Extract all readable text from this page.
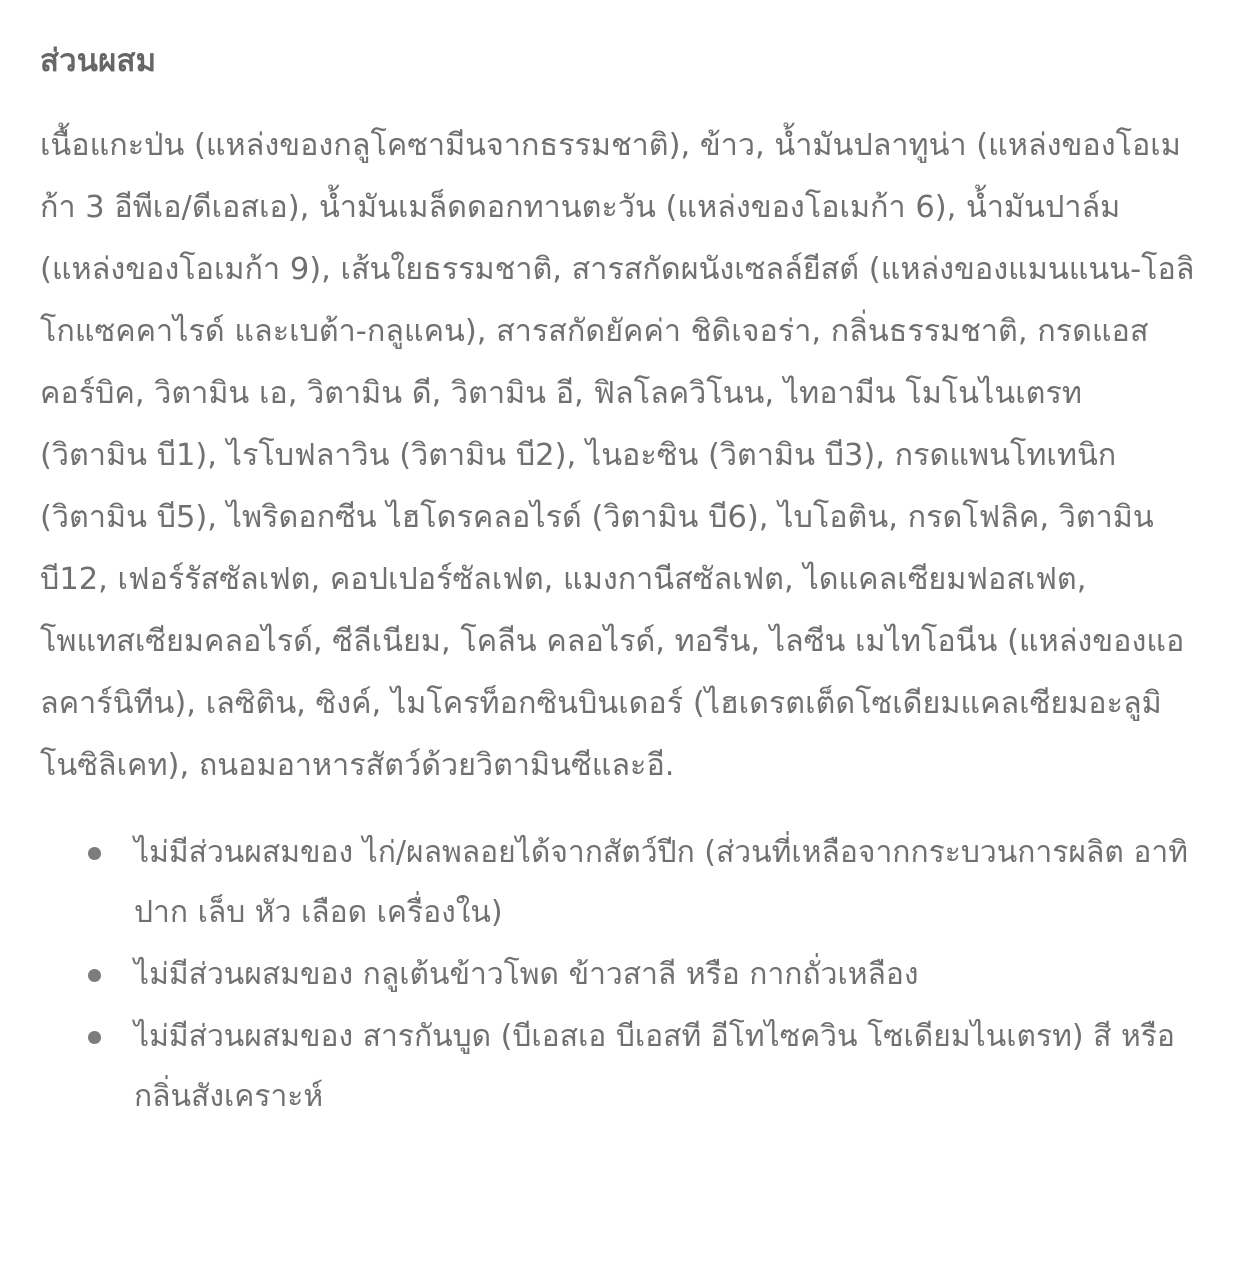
ส่วนผสม

เนื้อแกะป่น (แหล่งของกลูโคซามีนจากธรรมชาติ), ข้าว, น้ำมันปลาทูน่า (แหล่งของโอเมก้า 3 อีพีเอ/ดีเอสเอ), น้ำมันเมล็ดดอกทานตะวัน (แหล่งของโอเมก้า 6), น้ำมันปาล์ม (แหล่งของโอเมก้า 9), เส้นใยธรรมชาติ, สารสกัดผนังเซลล์ยีสต์ (แหล่งของแมนแนน-โอลิโกแซคคาไรด์ และเบต้า-กลูแคน), สารสกัดยัคค่า ชิดิเจอร่า, กลิ่นธรรมชาติ, กรดแอสคอร์บิค, วิตามิน เอ, วิตามิน ดี, วิตามิน อี, ฟิลโลควิโนน, ไทอามีน โมโนไนเตรท (วิตามิน บี1), ไรโบฟลาวิน (วิตามิน บี2), ไนอะซิน (วิตามิน บี3), กรดแพนโทเทนิก (วิตามิน บี5), ไพริดอกซีน ไฮโดรคลอไรด์ (วิตามิน บี6), ไบโอติน, กรดโฟลิค, วิตามิน บี12, เฟอร์รัสซัลเฟต, คอปเปอร์ซัลเฟต, แมงกานีสซัลเฟต, ไดแคลเซียมฟอสเฟต, โพแทสเซียมคลอไรด์, ซีลีเนียม, โคลีน คลอไรด์, ทอรีน, ไลซีน เมไทโอนีน (แหล่งของแอลคาร์นิทีน), เลซิติน, ซิงค์, ไมโครท็อกซินบินเดอร์ (ไฮเดรตเต็ดโซเดียมแคลเซียมอะลูมิโนซิลิเคท), ถนอมอาหารสัตว์ด้วยวิตามินซีและอี.

ไม่มีส่วนผสมของ ไก่/ผลพลอยได้จากสัตว์ปีก (ส่วนที่เหลือจากกระบวนการผลิต อาทิ ปาก เล็บ หัว เลือด เครื่องใน)
ไม่มีส่วนผสมของ กลูเต้นข้าวโพด ข้าวสาลี หรือ กากถั่วเหลือง
ไม่มีส่วนผสมของ สารกันบูด (บีเอสเอ บีเอสที อีโทไซควิน โซเดียมไนเตรท) สี หรือกลิ่นสังเคราะห์
